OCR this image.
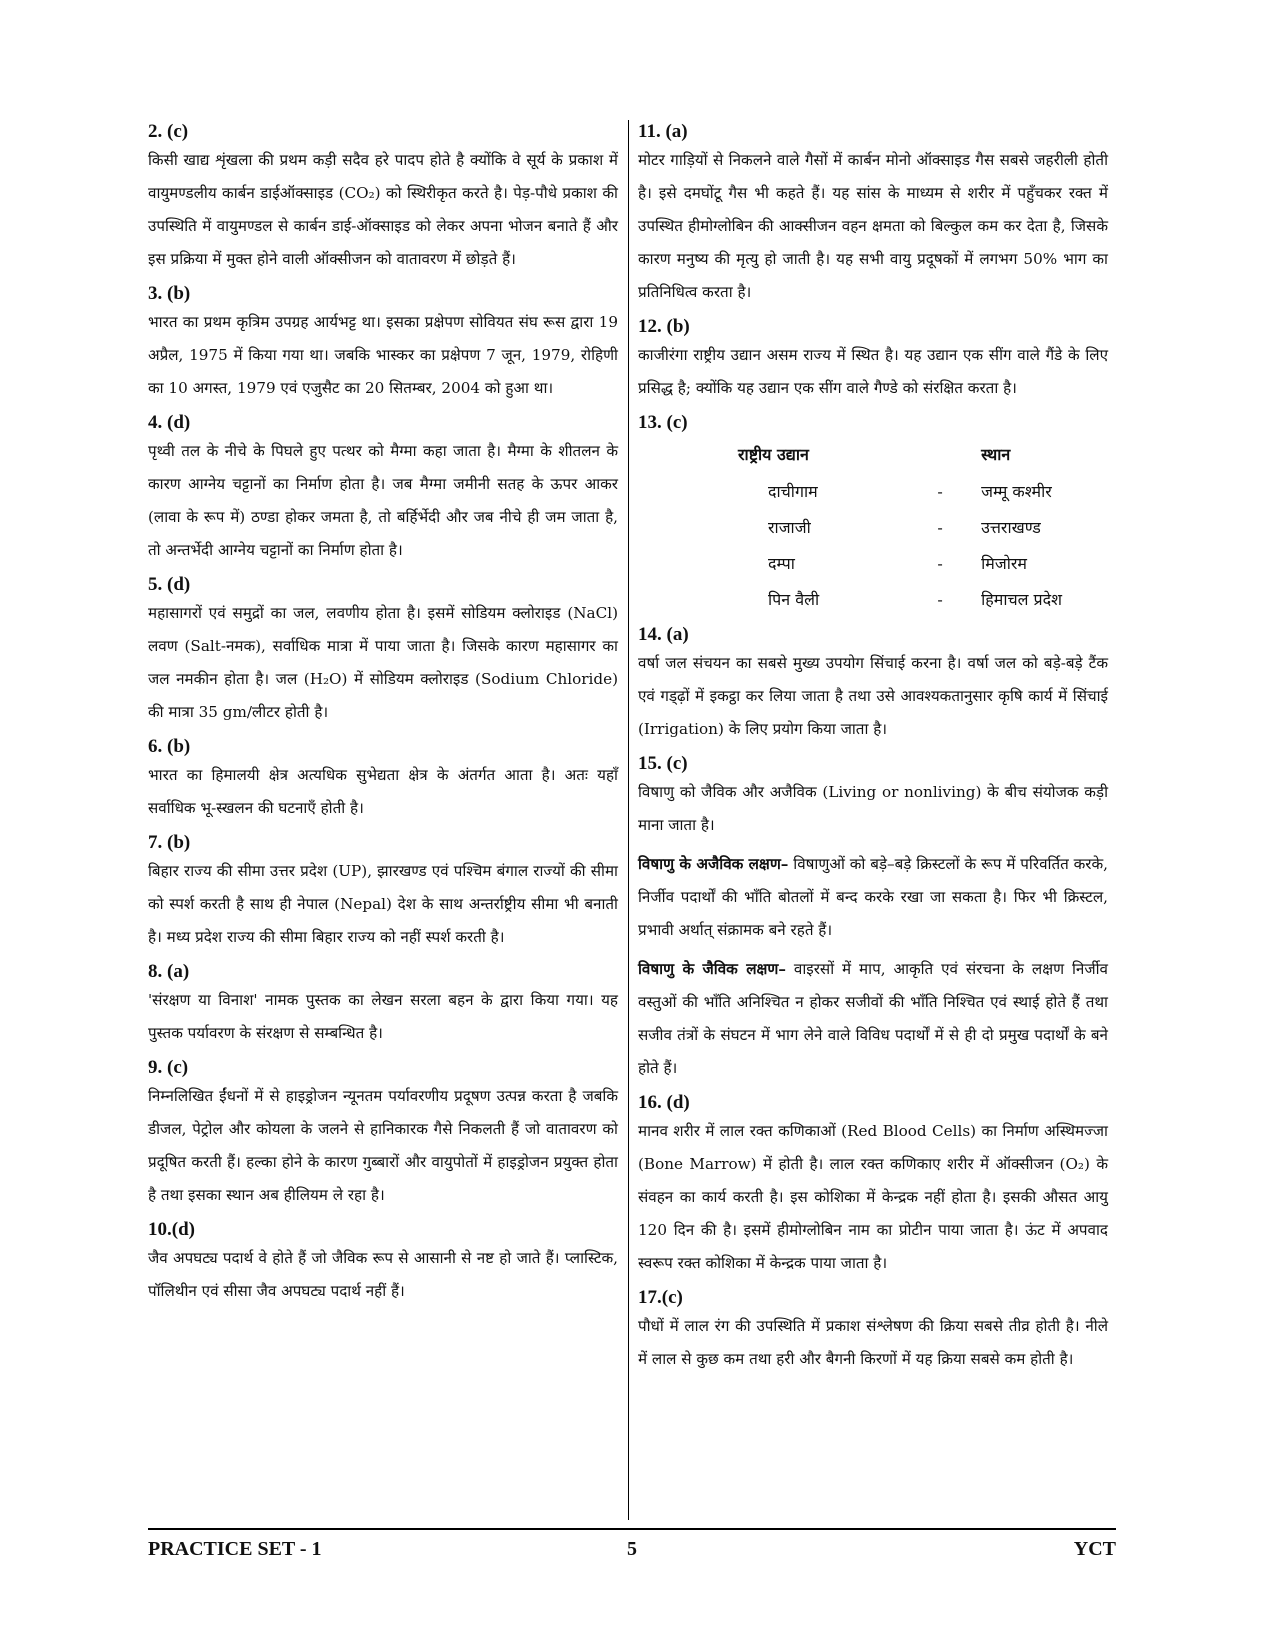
2. (c)
किसी खाद्य शृंखला की प्रथम कड़ी सदैव हरे पादप होते है क्योंकि वे सूर्य के प्रकाश में वायुमण्डलीय कार्बन डाईऑक्साइड (CO₂) को स्थिरीकृत करते है। पेड़-पौधे प्रकाश की उपस्थिति में वायुमण्डल से कार्बन डाई-ऑक्साइड को लेकर अपना भोजन बनाते हैं और इस प्रक्रिया में मुक्त होने वाली ऑक्सीजन को वातावरण में छोड़ते हैं।
3. (b)
भारत का प्रथम कृत्रिम उपग्रह आर्यभट्ट था। इसका प्रक्षेपण सोवियत संघ रूस द्वारा 19 अप्रैल, 1975 में किया गया था। जबकि भास्कर का प्रक्षेपण 7 जून, 1979, रोहिणी का 10 अगस्त, 1979 एवं एजुसैट का 20 सितम्बर, 2004 को हुआ था।
4. (d)
पृथ्वी तल के नीचे के पिघले हुए पत्थर को मैग्मा कहा जाता है। मैग्मा के शीतलन के कारण आग्नेय चट्टानों का निर्माण होता है। जब मैग्मा जमीनी सतह के ऊपर आकर (लावा के रूप में) ठण्डा होकर जमता है, तो बर्हिर्भेदी और जब नीचे ही जम जाता है, तो अन्तर्भेदी आग्नेय चट्टानों का निर्माण होता है।
5. (d)
महासागरों एवं समुद्रों का जल, लवणीय होता है। इसमें सोडियम क्लोराइड (NaCl) लवण (Salt-नमक), सर्वाधिक मात्रा में पाया जाता है। जिसके कारण महासागर का जल नमकीन होता है। जल (H₂O) में सोडियम क्लोराइड (Sodium Chloride) की मात्रा 35 gm/लीटर होती है।
6. (b)
भारत का हिमालयी क्षेत्र अत्यधिक सुभेद्यता क्षेत्र के अंतर्गत आता है। अतः यहाँ सर्वाधिक भू-स्खलन की घटनाएँ होती है।
7. (b)
बिहार राज्य की सीमा उत्तर प्रदेश (UP), झारखण्ड एवं पश्चिम बंगाल राज्यों की सीमा को स्पर्श करती है साथ ही नेपाल (Nepal) देश के साथ अन्तर्राष्ट्रीय सीमा भी बनाती है। मध्य प्रदेश राज्य की सीमा बिहार राज्य को नहीं स्पर्श करती है।
8. (a)
'संरक्षण या विनाश' नामक पुस्तक का लेखन सरला बहन के द्वारा किया गया। यह पुस्तक पर्यावरण के संरक्षण से सम्बन्धित है।
9. (c)
निम्नलिखित ईंधनों में से हाइड्रोजन न्यूनतम पर्यावरणीय प्रदूषण उत्पन्न करता है जबकि डीजल, पेट्रोल और कोयला के जलने से हानिकारक गैसे निकलती हैं जो वातावरण को प्रदूषित करती हैं। हल्का होने के कारण गुब्बारों और वायुपोतों में हाइड्रोजन प्रयुक्त होता है तथा इसका स्थान अब हीलियम ले रहा है।
10.(d)
जैव अपघट्य पदार्थ वे होते हैं जो जैविक रूप से आसानी से नष्ट हो जाते हैं। प्लास्टिक, पॉलिथीन एवं सीसा जैव अपघट्य पदार्थ नहीं हैं।
11. (a)
मोटर गाड़ियों से निकलने वाले गैसों में कार्बन मोनो ऑक्साइड गैस सबसे जहरीली होती है। इसे दमघोंटू गैस भी कहते हैं। यह सांस के माध्यम से शरीर में पहुँचकर रक्त में उपस्थित हीमोग्लोबिन की आक्सीजन वहन क्षमता को बिल्कुल कम कर देता है, जिसके कारण मनुष्य की मृत्यु हो जाती है। यह सभी वायु प्रदूषकों में लगभग 50% भाग का प्रतिनिधित्व करता है।
12. (b)
काजीरंगा राष्ट्रीय उद्यान असम राज्य में स्थित है। यह उद्यान एक सींग वाले गैंडे के लिए प्रसिद्ध है; क्योंकि यह उद्यान एक सींग वाले गैण्डे को संरक्षित करता है।
13. (c)
राष्ट्रीय उद्यान		स्थान
दाचीगाम	-	जम्मू कश्मीर
राजाजी	-	उत्तराखण्ड
दम्पा	-	मिजोरम
पिन वैली	-	हिमाचल प्रदेश
14. (a)
वर्षा जल संचयन का सबसे मुख्य उपयोग सिंचाई करना है। वर्षा जल को बड़े-बड़े टैंक एवं गड्ढ़ों में इकट्ठा कर लिया जाता है तथा उसे आवश्यकतानुसार कृषि कार्य में सिंचाई (Irrigation) के लिए प्रयोग किया जाता है।
15. (c)
विषाणु को जैविक और अजैविक (Living or nonliving) के बीच संयोजक कड़ी माना जाता है।
विषाणु के अजैविक लक्षण– विषाणुओं को बड़े–बड़े क्रिस्टलों के रूप में परिवर्तित करके, निर्जीव पदार्थों की भाँति बोतलों में बन्द करके रखा जा सकता है। फिर भी क्रिस्टल, प्रभावी अर्थात् संक्रामक बने रहते हैं।
विषाणु के जैविक लक्षण– वाइरसों में माप, आकृति एवं संरचना के लक्षण निर्जीव वस्तुओं की भाँति अनिश्चित न होकर सजीवों की भाँति निश्चित एवं स्थाई होते हैं तथा सजीव तंत्रों के संघटन में भाग लेने वाले विविध पदार्थों में से ही दो प्रमुख पदार्थों के बने होते हैं।
16. (d)
मानव शरीर में लाल रक्त कणिकाओं (Red Blood Cells) का निर्माण अस्थिमज्जा (Bone Marrow) में होती है। लाल रक्त कणिकाए शरीर में ऑक्सीजन (O₂) के संवहन का कार्य करती है। इस कोशिका में केन्द्रक नहीं होता है। इसकी औसत आयु 120 दिन की है। इसमें हीमोग्लोबिन नाम का प्रोटीन पाया जाता है। ऊंट में अपवाद स्वरूप रक्त कोशिका में केन्द्रक पाया जाता है।
17.(c)
पौधों में लाल रंग की उपस्थिति में प्रकाश संश्लेषण की क्रिया सबसे तीव्र होती है। नीले में लाल से कुछ कम तथा हरी और बैगनी किरणों में यह क्रिया सबसे कम होती है।
PRACTICE SET - 1	5	YCT
